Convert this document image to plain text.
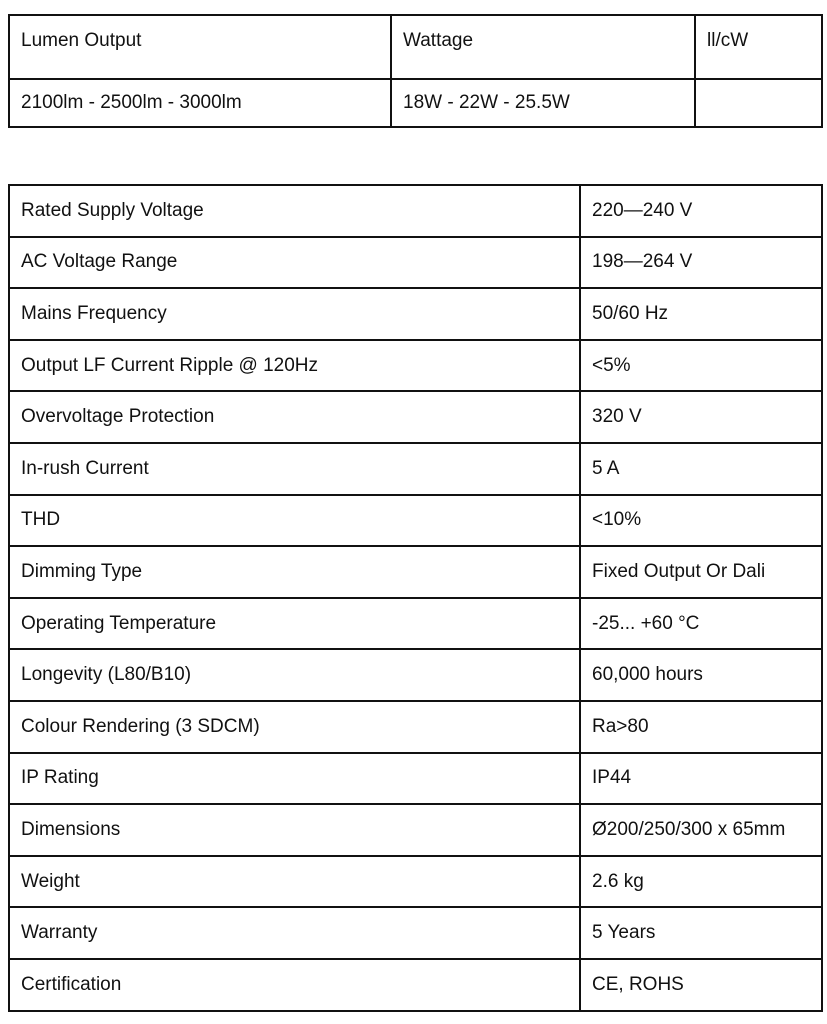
Lumen Output	Wattage	ll/cW
2100lm - 2500lm - 3000lm	18W - 22W - 25.5W	
Rated Supply Voltage	220—240 V
AC Voltage Range	198—264 V
Mains Frequency	50/60 Hz
Output LF Current Ripple @ 120Hz	<5%
Overvoltage Protection	320 V
In-rush Current	5 A
THD	<10%
Dimming Type	Fixed Output Or Dali
Operating Temperature	-25... +60 °C
Longevity (L80/B10)	60,000 hours
Colour Rendering (3 SDCM)	Ra>80
IP Rating	IP44
Dimensions	Ø200/250/300 x 65mm
Weight	2.6 kg
Warranty	5 Years
Certification	CE, ROHS
